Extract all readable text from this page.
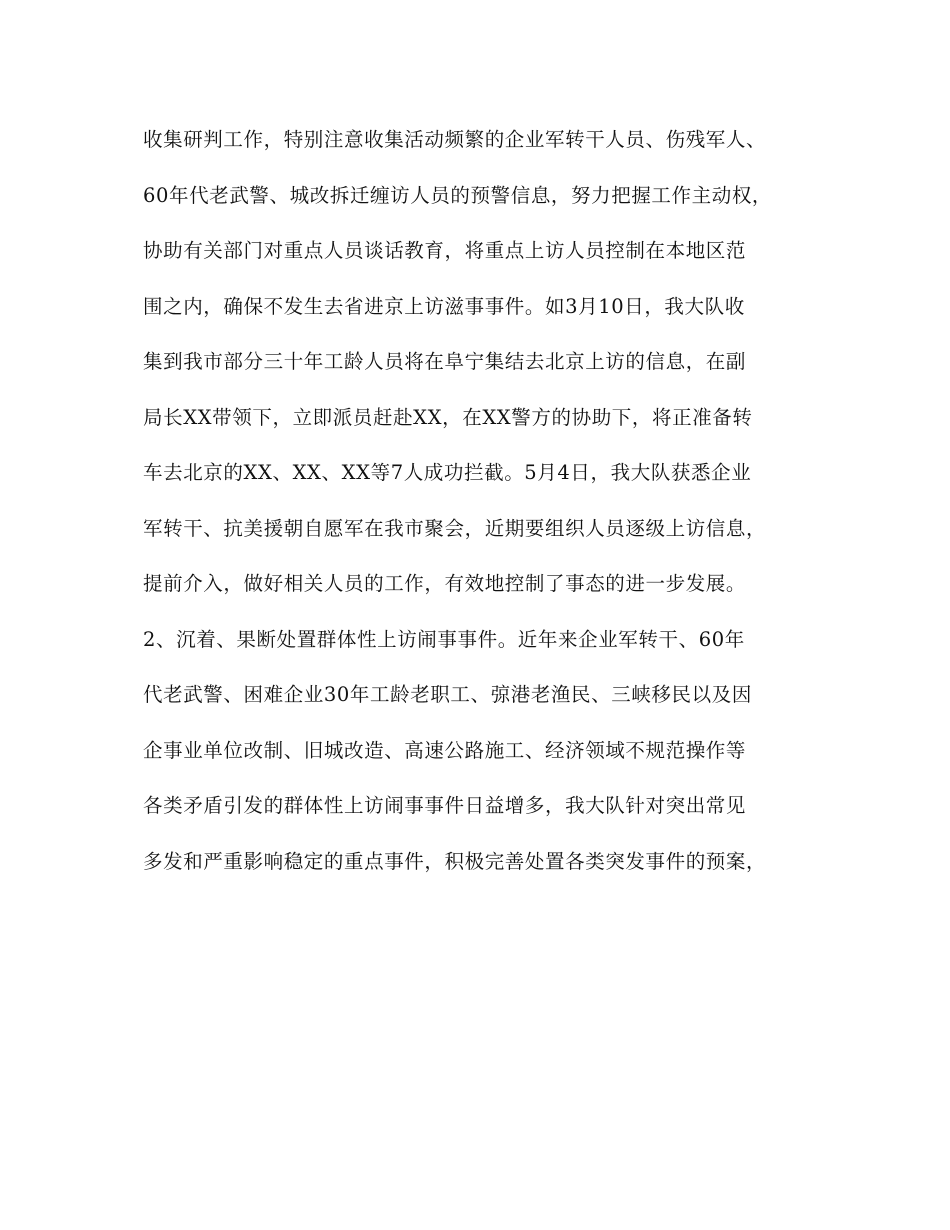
收集研判工作，特别注意收集活动频繁的企业军转干人员、伤残军人、
60年代老武警、城改拆迁缠访人员的预警信息，努力把握工作主动权，
协助有关部门对重点人员谈话教育，将重点上访人员控制在本地区范
围之内，确保不发生去省进京上访滋事事件。如3月10日，我大队收
集到我市部分三十年工龄人员将在阜宁集结去北京上访的信息，在副
局长XX带领下，立即派员赶赴XX，在XX警方的协助下，将正准备转
车去北京的XX、XX、XX等7人成功拦截。5月4日，我大队获悉企业
军转干、抗美援朝自愿军在我市聚会，近期要组织人员逐级上访信息，
提前介入，做好相关人员的工作，有效地控制了事态的进一步发展。
2、沉着、果断处置群体性上访闹事事件。近年来企业军转干、60年
代老武警、困难企业30年工龄老职工、弶港老渔民、三峡移民以及因
企事业单位改制、旧城改造、高速公路施工、经济领域不规范操作等
各类矛盾引发的群体性上访闹事事件日益增多，我大队针对突出常见
多发和严重影响稳定的重点事件，积极完善处置各类突发事件的预案，
